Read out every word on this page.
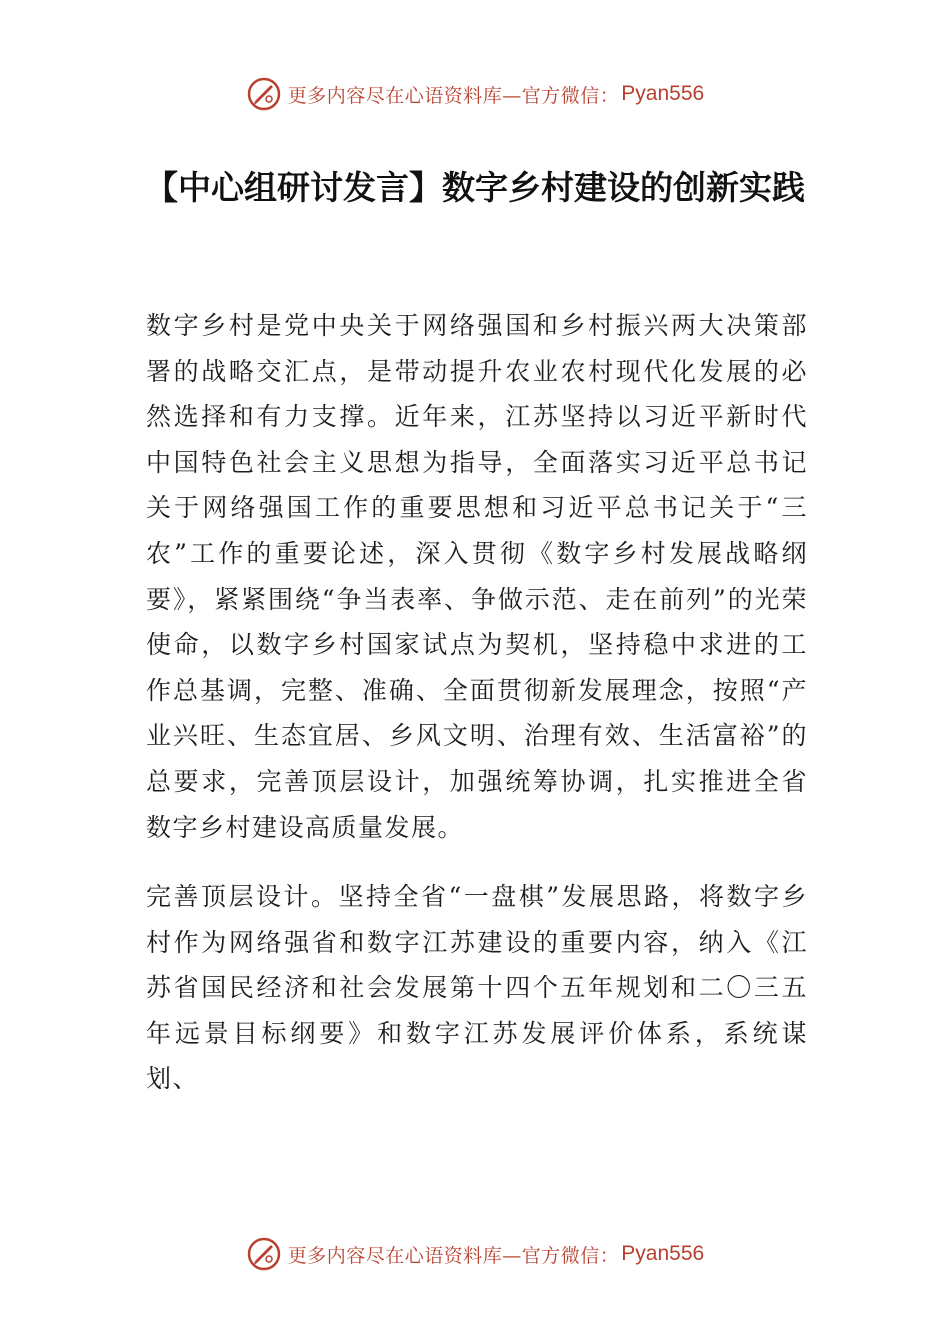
更多内容尽在心语资料库—官方微信： Pyan556
【中心组研讨发言】数字乡村建设的创新实践

数字乡村是党中央关于网络强国和乡村振兴两大决策部署的战略交汇点，是带动提升农业农村现代化发展的必然选择和有力支撑。近年来，江苏坚持以习近平新时代中国特色社会主义思想为指导，全面落实习近平总书记关于网络强国工作的重要思想和习近平总书记关于“三农”工作的重要论述，深入贯彻《数字乡村发展战略纲要》，紧紧围绕“争当表率、争做示范、走在前列”的光荣使命，以数字乡村国家试点为契机，坚持稳中求进的工作总基调，完整、准确、全面贯彻新发展理念，按照“产业兴旺、生态宜居、乡风文明、治理有效、生活富裕”的总要求，完善顶层设计，加强统筹协调，扎实推进全省数字乡村建设高质量发展。

完善顶层设计。坚持全省“一盘棋”发展思路，将数字乡村作为网络强省和数字江苏建设的重要内容，纳入《江苏省国民经济和社会发展第十四个五年规划和二〇三五年远景目标纲要》和数字江苏发展评价体系，系统谋划、

更多内容尽在心语资料库—官方微信： Pyan556
